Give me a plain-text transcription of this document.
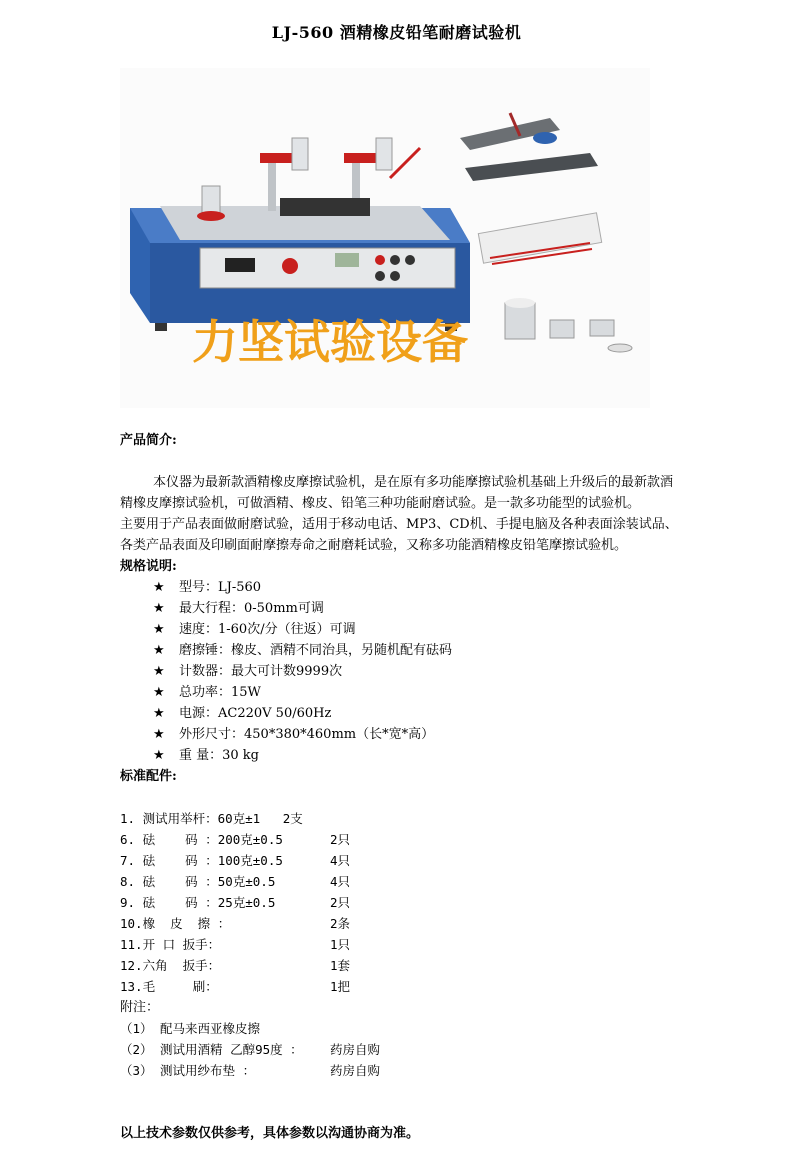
LJ-560 酒精橡皮铅笔耐磨试验机
力坚试验设备
产品简介:

本仪器为最新款酒精橡皮摩擦试验机，是在原有多功能摩擦试验机基础上升级后的最新款酒精橡皮摩擦试验机，可做酒精、橡皮、铅笔三种功能耐磨试验。是一款多功能型的试验机。

主要用于产品表面做耐磨试验，适用于移动电话、MP3、CD机、手提电脑及各种表面涂装试品、各类产品表面及印刷面耐摩擦寿命之耐磨耗试验，又称多功能酒精橡皮铅笔摩擦试验机。

规格说明:
★ 型号：LJ-560
★ 最大行程：0-50mm可调
★ 速度：1-60次/分（往返）可调
★ 磨擦锤：橡皮、酒精不同治具，另随机配有砝码
★ 计数器：最大可计数9999次
★ 总功率：15W
★ 电源：AC220V 50/60Hz
★ 外形尺寸：450*380*460mm（长*宽*高）
★ 重 量：30 kg
标准配件:
1. 测试用举杆：60克±1   2支
6. 砝    码 ：200克±0.5	2只
7. 砝    码 ：100克±0.5	4只
8. 砝    码 ：50克±0.5	4只
9. 砝    码 ：25克±0.5	2只
10.橡  皮  擦 ：	2条
11.开 口 扳手：	1只
12.六角  扳手：	1套
13.毛     刷：	1把
附注：
（1） 配马来西亚橡皮擦
（2） 测试用酒精 乙醇95度 ： 药房自购
（3） 测试用纱布垫 ：	药房自购
以上技术参数仅供参考，具体参数以沟通协商为准。
